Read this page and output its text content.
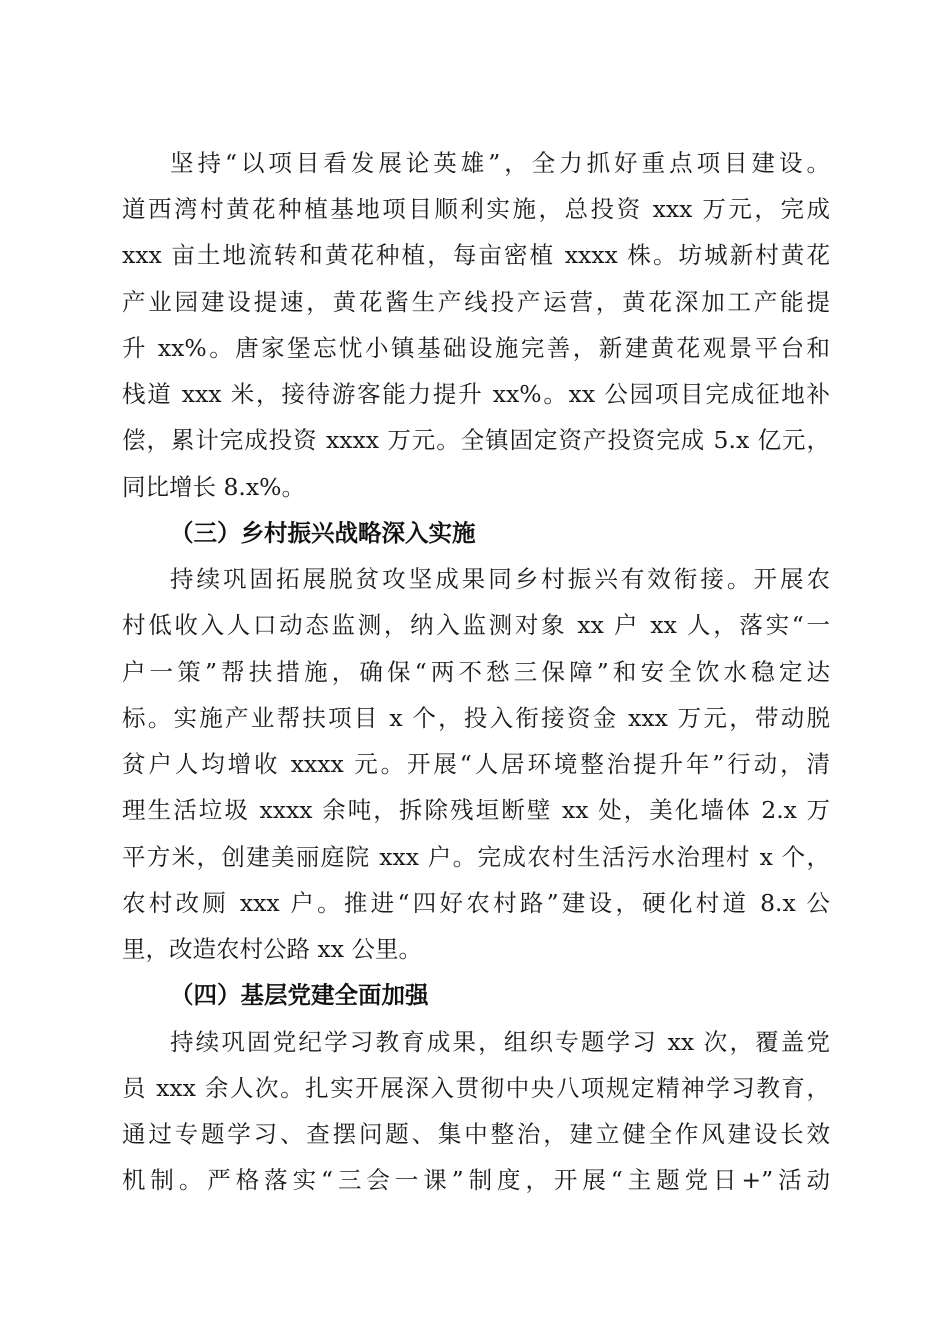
坚持“以项目看发展论英雄”，全力抓好重点项目建设。
道西湾村黄花种植基地项目顺利实施，总投资 xxx 万元，完成
xxx 亩土地流转和黄花种植，每亩密植 xxxx 株。坊城新村黄花
产业园建设提速，黄花酱生产线投产运营，黄花深加工产能提
升 xx%。唐家堡忘忧小镇基础设施完善，新建黄花观景平台和
栈道 xxx 米，接待游客能力提升 xx%。xx 公园项目完成征地补
偿，累计完成投资 xxxx 万元。全镇固定资产投资完成 5.x 亿元，
同比增长 8.x%。
（三）乡村振兴战略深入实施
持续巩固拓展脱贫攻坚成果同乡村振兴有效衔接。开展农
村低收入人口动态监测，纳入监测对象 xx 户 xx 人，落实“一
户一策”帮扶措施，确保“两不愁三保障”和安全饮水稳定达
标。实施产业帮扶项目 x 个，投入衔接资金 xxx 万元，带动脱
贫户人均增收 xxxx 元。开展“人居环境整治提升年”行动，清
理生活垃圾 xxxx 余吨，拆除残垣断壁 xx 处，美化墙体 2.x 万
平方米，创建美丽庭院 xxx 户。完成农村生活污水治理村 x 个，
农村改厕 xxx 户。推进“四好农村路”建设，硬化村道 8.x 公
里，改造农村公路 xx 公里。
（四）基层党建全面加强
持续巩固党纪学习教育成果，组织专题学习 xx 次，覆盖党
员 xxx 余人次。扎实开展深入贯彻中央八项规定精神学习教育，
通过专题学习、查摆问题、集中整治，建立健全作风建设长效
机制。严格落实“三会一课”制度，开展“主题党日+”活动
